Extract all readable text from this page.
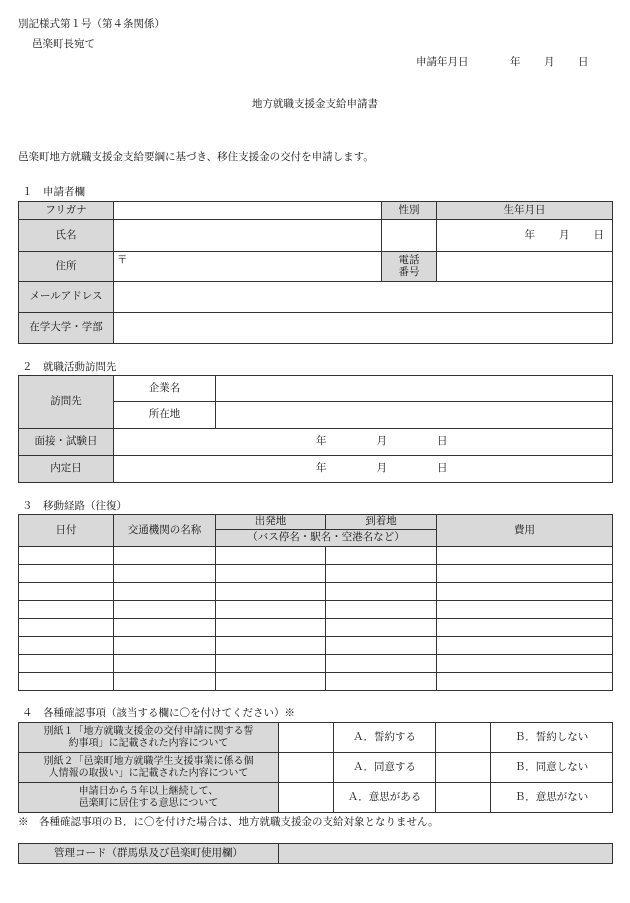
別記様式第１号（第４条関係）
邑楽町長宛て
申請年月日	年 月 日
地方就職支援金支給申請書
邑楽町地方就職支援金支給要綱に基づき、移住支援金の交付を申請します。
１　申請者欄
フリガナ		性別	生年月日
氏名			年 月 日
住所	〒	電話
番号	
メールアドレス			
在学大学・学部			
２　就職活動訪問先
訪問先	企業名	
	所在地	
面接・試験日	年 月 日	
内定日	年 月 日	
３　移動経路（往復）
日付	交通機関の名称	出発地	到着地	費用
		（バス停名・駅名・空港名など）		

４　各種確認事項（該当する欄に〇を付けてください）※
別紙１「地方就職支援金の交付申請に関する誓
約事項」に記載された内容について		Ａ．誓約する		Ｂ．誓約しない
別紙２「邑楽町地方就職学生支援事業に係る個
人情報の取扱い」に記載された内容について		Ａ．同意する		Ｂ．同意しない
申請日から５年以上継続して、
邑楽町に居住する意思について		Ａ．意思がある		Ｂ．意思がない
※　各種確認事項のＢ．に〇を付けた場合は、地方就職支援金の支給対象となりません。
管理コード（群馬県及び邑楽町使用欄）	
